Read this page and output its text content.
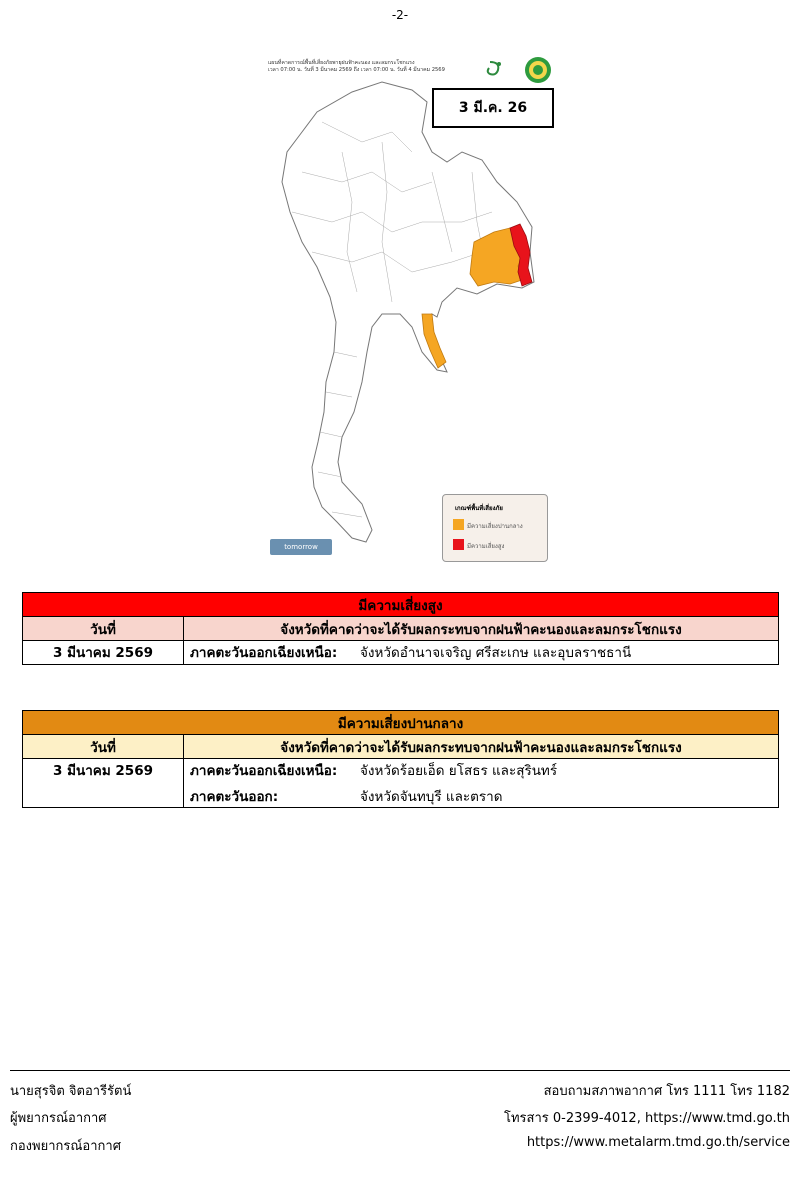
-2-
แผนที่คาดการณ์พื้นที่เสี่ยงภัยพายุฝนฟ้าคะนอง และลมกระโชกแรง
เวลา 07:00 น. วันที่ 3 มีนาคม 2569 ถึง เวลา 07:00 น. วันที่ 4 มีนาคม 2569
3 มี.ค. 26
เกณฑ์พื้นที่เสี่ยงภัย
มีความเสี่ยงปานกลาง
มีความเสี่ยงสูง
tomorrow
มีความเสี่ยงสูง	
วันที่	จังหวัดที่คาดว่าจะได้รับผลกระทบจากฝนฟ้าคะนองและลมกระโชกแรง
3 มีนาคม 2569	ภาคตะวันออกเฉียงเหนือ: จังหวัดอำนาจเจริญ ศรีสะเกษ และอุบลราชธานี
มีความเสี่ยงปานกลาง	
วันที่	จังหวัดที่คาดว่าจะได้รับผลกระทบจากฝนฟ้าคะนองและลมกระโชกแรง
3 มีนาคม 2569	ภาคตะวันออกเฉียงเหนือ: จังหวัดร้อยเอ็ด ยโสธร และสุรินทร์
ภาคตะวันออก: จังหวัดจันทบุรี และตราด
นายสุรจิต จิตอารีรัตน์
ผู้พยากรณ์อากาศ
กองพยากรณ์อากาศ
สอบถามสภาพอากาศ โทร 1111 โทร 1182
โทรสาร 0-2399-4012, https://www.tmd.go.th
https://www.metalarm.tmd.go.th/service
